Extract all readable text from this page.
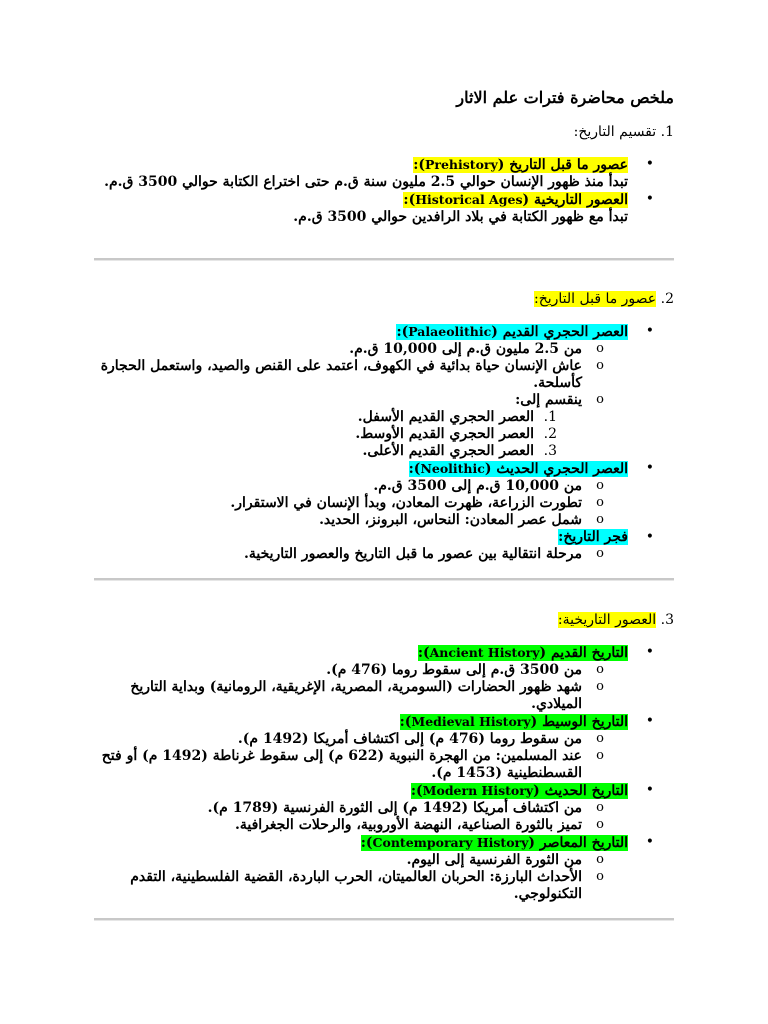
ملخص محاضرة فترات علم الاثار
1. تقسيم التاريخ:
• عصور ما قبل التاريخ (Prehistory):
تبدأ منذ ظهور الإنسان حوالي 2.5 مليون سنة ق.م حتى اختراع الكتابة حوالي 3500 ق.م.
• العصور التاريخية (Historical Ages):
تبدأ مع ظهور الكتابة في بلاد الرافدين حوالي 3500 ق.م.
2. عصور ما قبل التاريخ:
• العصر الحجري القديم (Palaeolithic):
o من 2.5 مليون ق.م إلى 10,000 ق.م.
o عاش الإنسان حياة بدائية في الكهوف، اعتمد على القنص والصيد، واستعمل الحجارة كأسلحة.
o ينقسم إلى:
1.
العصر الحجري القديم الأسفل.
2.
العصر الحجري القديم الأوسط.
3.
العصر الحجري القديم الأعلى.
• العصر الحجري الحديث (Neolithic):
o من 10,000 ق.م إلى 3500 ق.م.
o تطورت الزراعة، ظهرت المعادن، وبدأ الإنسان في الاستقرار.
o شمل عصر المعادن: النحاس، البرونز، الحديد.
• فجر التاريخ:
o مرحلة انتقالية بين عصور ما قبل التاريخ والعصور التاريخية.
3. العصور التاريخية:
• التاريخ القديم (Ancient History):
o من 3500 ق.م إلى سقوط روما (476 م).
o شهد ظهور الحضارات (السومرية، المصرية، الإغريقية، الرومانية) وبداية التاريخ الميلادي.
• التاريخ الوسيط (Medieval History):
o من سقوط روما (476 م) إلى اكتشاف أمريكا (1492 م).
o عند المسلمين: من الهجرة النبوية (622 م) إلى سقوط غرناطة (1492 م) أو فتح القسطنطينية (1453 م).
• التاريخ الحديث (Modern History):
o من اكتشاف أمريكا (1492 م) إلى الثورة الفرنسية (1789 م).
o تميز بالثورة الصناعية، النهضة الأوروبية، والرحلات الجغرافية.
• التاريخ المعاصر (Contemporary History):
o من الثورة الفرنسية إلى اليوم.
o الأحداث البارزة: الحربان العالميتان، الحرب الباردة، القضية الفلسطينية، التقدم التكنولوجي.
